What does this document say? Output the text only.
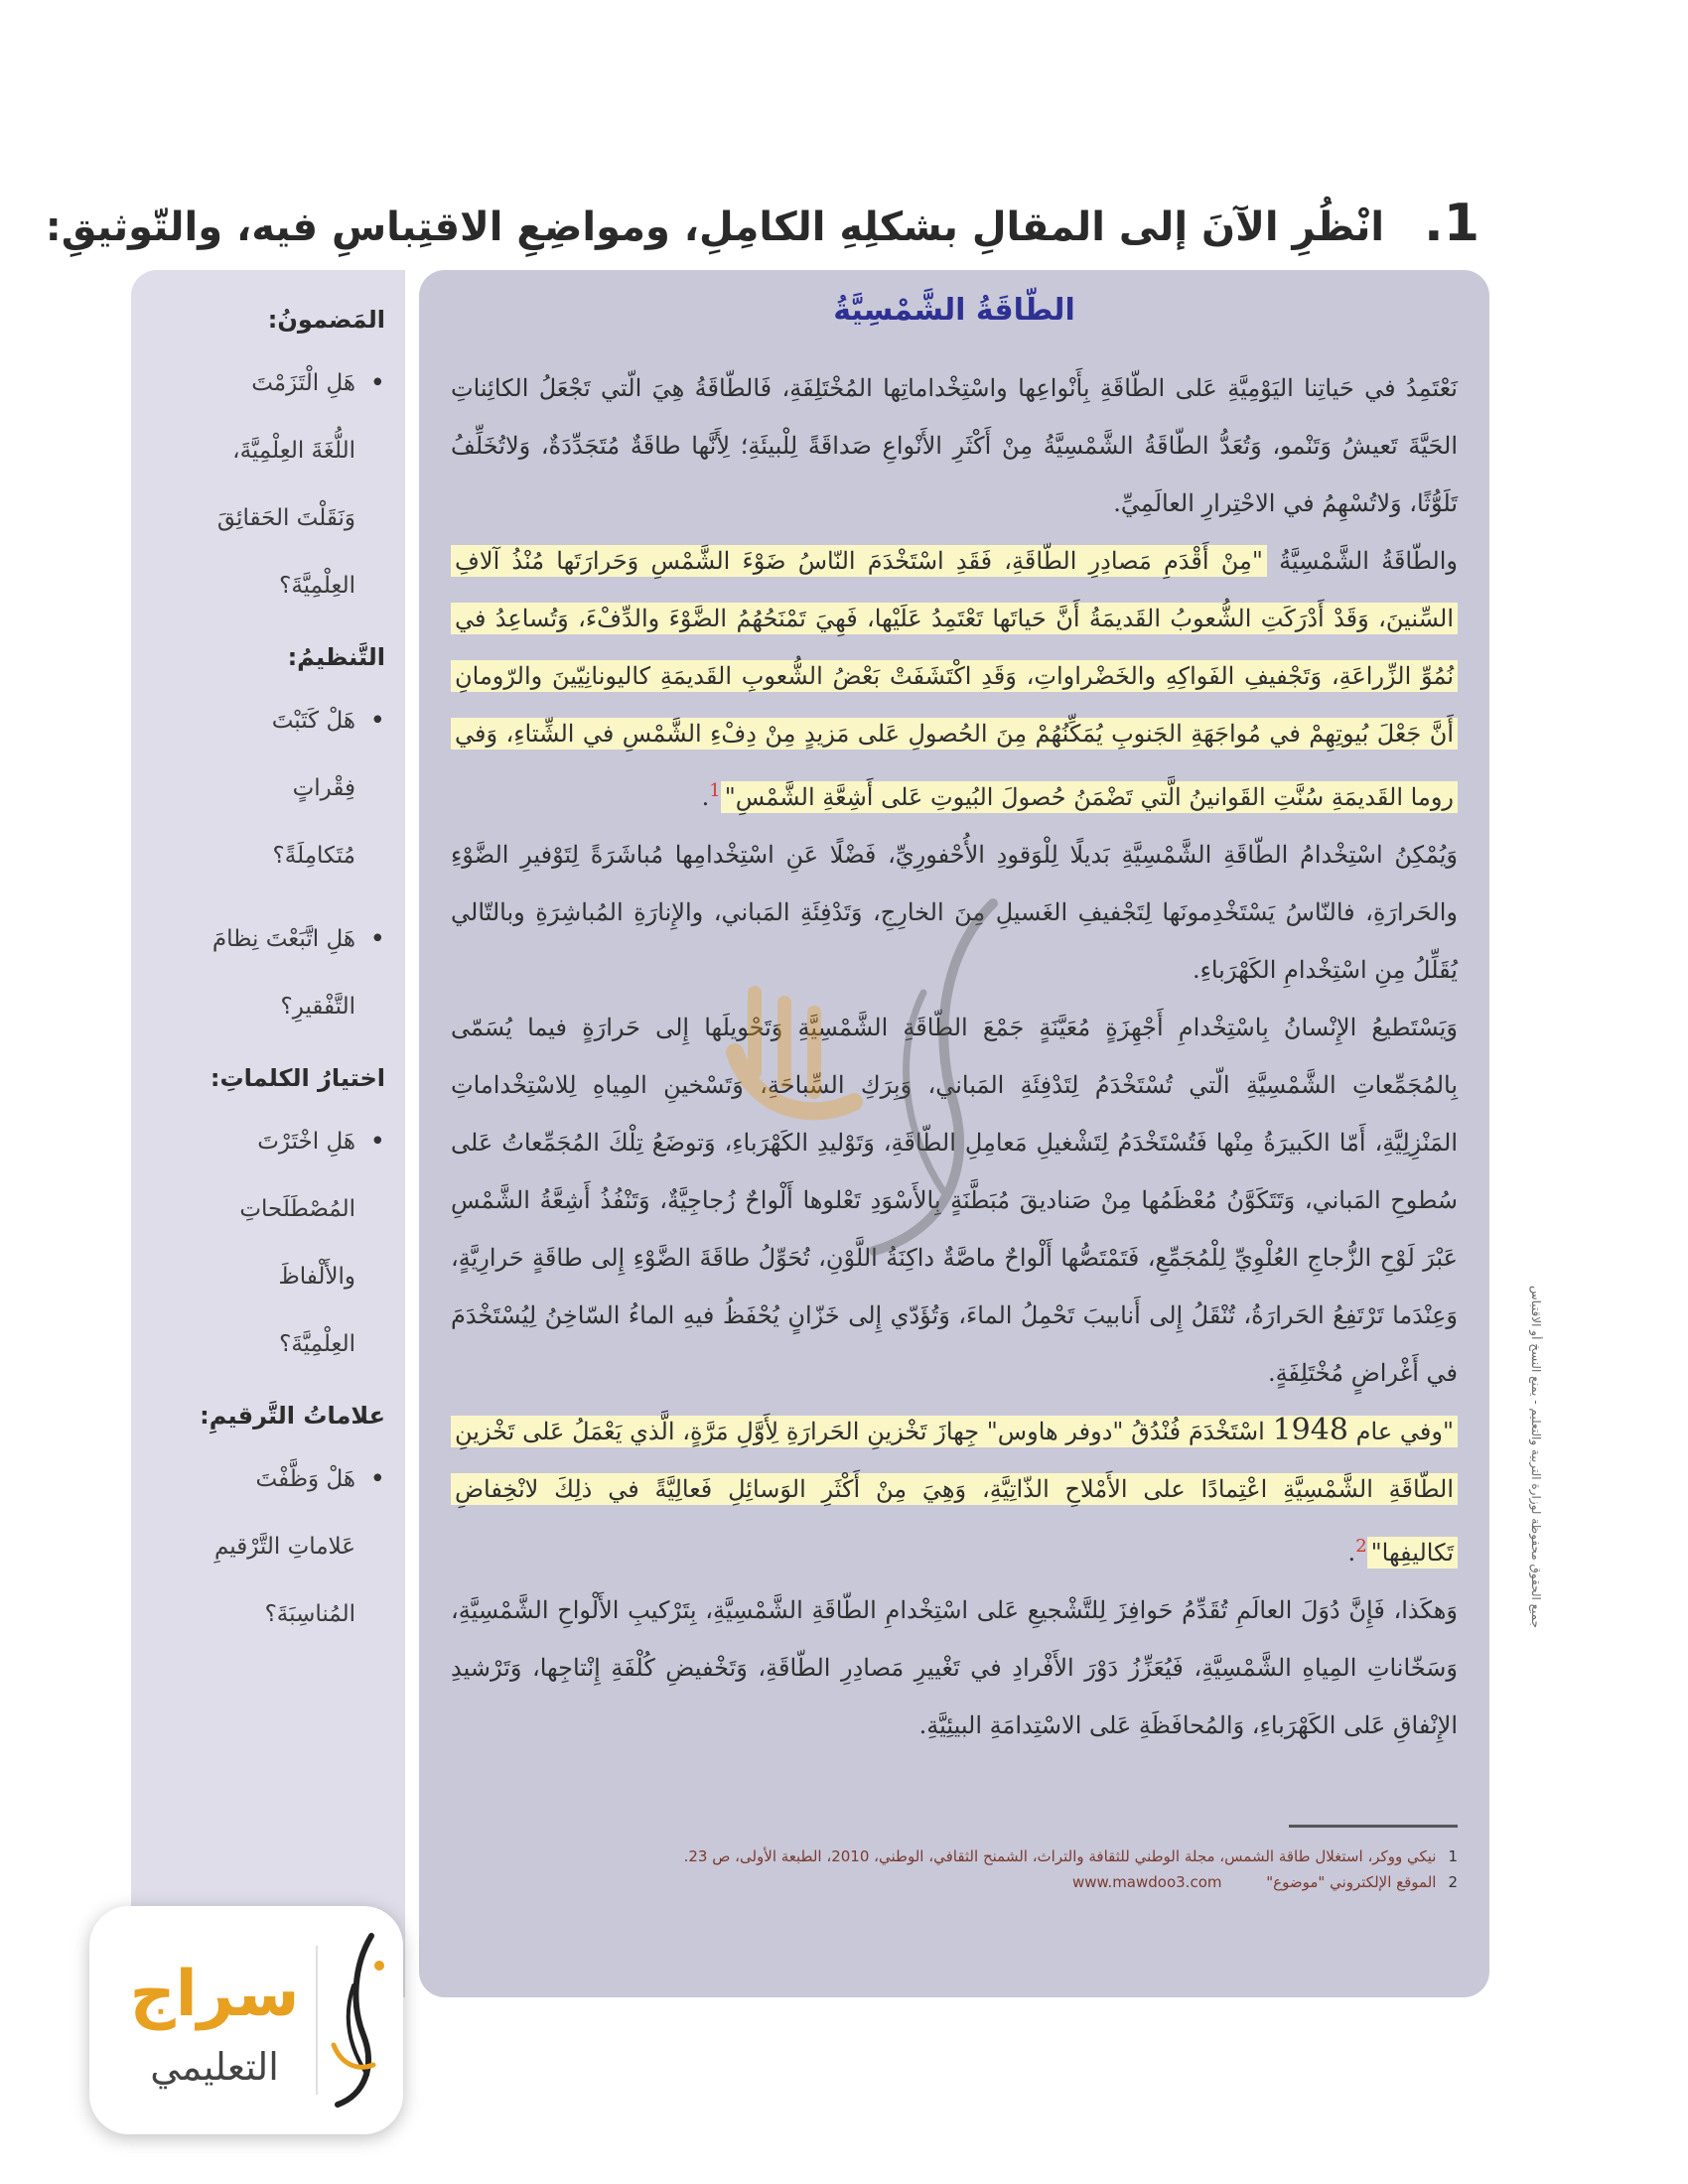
1. انْظُرِ الآنَ إلى المقالِ بشكلِهِ الكامِلِ، ومواضِعِ الاقتِباسِ فيه، والتّوثيقِ:
المَضمونُ:
• هَلِ الْتَزَمْتَ اللُّغَةَ العِلْمِيَّةَ، وَنَقَلْتَ الحَقائِقَ العِلْمِيَّةَ؟
التَّنظيمُ:
• هَلْ كَتَبْتَ فِقْراتٍ مُتَكامِلَةً؟
• هَلِ اتَّبَعْتَ نِظامَ التَّفْقيرِ؟
اختيارُ الكلماتِ:
• هَلِ اخْتَرْتَ المُصْطَلَحاتِ والأَلْفاظَ العِلْمِيَّةَ؟
علاماتُ التَّرقيمِ:
• هَلْ وَظَّفْتَ عَلاماتِ التَّرْقيمِ المُناسِبَةَ؟
الطّاقَةُ الشَّمْسِيَّةُ

نَعْتَمِدُ في حَياتِنا اليَوْمِيَّةِ عَلى الطّاقَةِ بِأَنْواعِها واسْتِخْداماتِها المُخْتَلِفَةِ، فَالطّاقَةُ هِيَ الّتي تَجْعَلُ الكائِناتِ الحَيَّةَ تَعيشُ وَتَنْمو، وَتُعَدُّ الطّاقَةُ الشَّمْسِيَّةُ مِنْ أَكْثَرِ الأَنْواعِ صَداقَةً لِلْبيئَةِ؛ لِأَنَّها طاقَةٌ مُتَجَدِّدَةٌ، وَلاتُخَلِّفُ تَلَوُّثًا، وَلاتُسْهِمُ في الاحْتِرارِ العالَمِيِّ.

والطّاقَةُ الشَّمْسِيَّةُ "مِنْ أَقْدَمِ مَصادِرِ الطّاقَةِ، فَقَدِ اسْتَخْدَمَ النّاسُ ضَوْءَ الشَّمْسِ وَحَرارَتَها مُنْذُ آلافِ السِّنينَ، وَقَدْ أَدْرَكَتِ الشُّعوبُ القَديمَةُ أَنَّ حَياتَها تَعْتَمِدُ عَلَيْها، فَهِيَ تَمْنَحُهُمُ الضَّوْءَ والدِّفْءَ، وَتُساعِدُ في نُمُوِّ الزِّراعَةِ، وَتَجْفيفِ الفَواكِهِ والخَضْراواتِ، وَقَدِ اكْتَشَفَتْ بَعْضُ الشُّعوبِ القَديمَةِ كاليونانِيّينَ والرّومانِ أَنَّ جَعْلَ بُيوتِهِمْ في مُواجَهَةِ الجَنوبِ يُمَكِّنُهُمْ مِنَ الحُصولِ عَلى مَزيدٍ مِنْ دِفْءِ الشَّمْسِ في الشِّتاءِ، وَفي روما القَديمَةِ سُنَّتِ القَوانينُ الَّتي تَضْمَنُ حُصولَ البُيوتِ عَلى أَشِعَّةِ الشَّمْسِ"$^1$.

وَيُمْكِنُ اسْتِخْدامُ الطّاقَةِ الشَّمْسِيَّةِ بَديلًا لِلْوَقودِ الأُحْفورِيِّ، فَضْلًا عَنِ اسْتِخْدامِها مُباشَرَةً لِتَوْفيرِ الضَّوْءِ والحَرارَةِ، فالنّاسُ يَسْتَخْدِمونَها لِتَجْفيفِ الغَسيلِ مِنَ الخارِجِ، وَتَدْفِئَةِ المَباني، والإِنارَةِ المُباشِرَةِ وبالتّالي يُقَلِّلُ مِنِ اسْتِخْدامِ الكَهْرَباءِ.

وَيَسْتَطيعُ الإِنْسانُ بِاسْتِخْدامِ أَجْهِزَةٍ مُعَيَّنَةٍ جَمْعَ الطّاقَةِ الشَّمْسِيَّةِ وَتَحْويلَها إِلى حَرارَةٍ فيما يُسَمّى بِالمُجَمِّعاتِ الشَّمْسِيَّةِ الّتي تُسْتَخْدَمُ لِتَدْفِئَةِ المَباني، وَبِرَكِ السِّباحَةِ، وَتَسْخينِ المِياهِ لِلاسْتِخْداماتِ المَنْزِلِيَّةِ، أَمّا الكَبيرَةُ مِنْها فَتُسْتَخْدَمُ لِتَشْغيلِ مَعامِلِ الطّاقَةِ، وَتَوْليدِ الكَهْرَباءِ، وَتوضَعُ تِلْكَ المُجَمِّعاتُ عَلى سُطوحِ المَباني، وَتَتَكَوَّنُ مُعْظَمُها مِنْ صَناديقَ مُبَطَّنَةٍ بِالأَسْوَدِ تَعْلوها أَلْواحٌ زُجاجِيَّةٌ، وَتَنْفُذُ أَشِعَّةُ الشَّمْسِ عَبْرَ لَوْحِ الزُّجاجِ العُلْوِيِّ لِلْمُجَمِّعِ، فَتَمْتَصُّها أَلْواحٌ ماصَّةٌ داكِنَةُ اللَّوْنِ، تُحَوِّلُ طاقَةَ الضَّوْءِ إِلى طاقَةٍ حَرارِيَّةٍ، وَعِنْدَما تَرْتَفِعُ الحَرارَةُ، تُنْقَلُ إِلى أَنابيبَ تَحْمِلُ الماءَ، وَتُؤَدّي إِلى خَزّانٍ يُحْفَظُ فيهِ الماءُ السّاخِنُ لِيُسْتَخْدَمَ في أَغْراضٍ مُخْتَلِفَةٍ.

"وفي عام 1948 اسْتَخْدَمَ فُنْدُقُ "دوفر هاوس" جِهازَ تَخْزينِ الحَرارَةِ لِأَوَّلِ مَرَّةٍ، الَّذي يَعْمَلُ عَلى تَخْزينِ الطّاقَةِ الشَّمْسِيَّةِ اعْتِمادًا على الأَمْلاحِ الذّاتِيَّةِ، وَهِيَ مِنْ أَكْثَرِ الوَسائِلِ فَعالِيَّةً في ذلِكَ لانْخِفاضِ تَكاليفِها"$^2$.

وَهكَذا، فَإِنَّ دُوَلَ العالَمِ تُقَدِّمُ حَوافِزَ لِلتَّشْجيعِ عَلى اسْتِخْدامِ الطّاقَةِ الشَّمْسِيَّةِ، بِتَرْكيبِ الأَلْواحِ الشَّمْسِيَّةِ، وَسَخّاناتِ المِياهِ الشَّمْسِيَّةِ، فَيُعَزِّزُ دَوْرَ الأَفْرادِ في تَغْييرِ مَصادِرِ الطّاقَةِ، وَتَخْفيضِ كُلْفَةِ إِنْتاجِها، وَتَرْشيدِ الإِنْفاقِ عَلى الكَهْرَباءِ، وَالمُحافَظَةِ عَلى الاسْتِدامَةِ البيئِيَّةِ.

1نيكي ووكر، استغلال طاقة الشمس، مجلة الوطني للثقافة والتراث، الشمنح الثقافي، الوطني، 2010، الطبعة الأولى، ص 23.
2الموقع الإلكتروني "موضوع" www.mawdoo3.com
جميع الحقوق محفوظة لوزارة التربية والتعليم - يمنع النسخ أو الاقتباس
سراج
التعليمي
